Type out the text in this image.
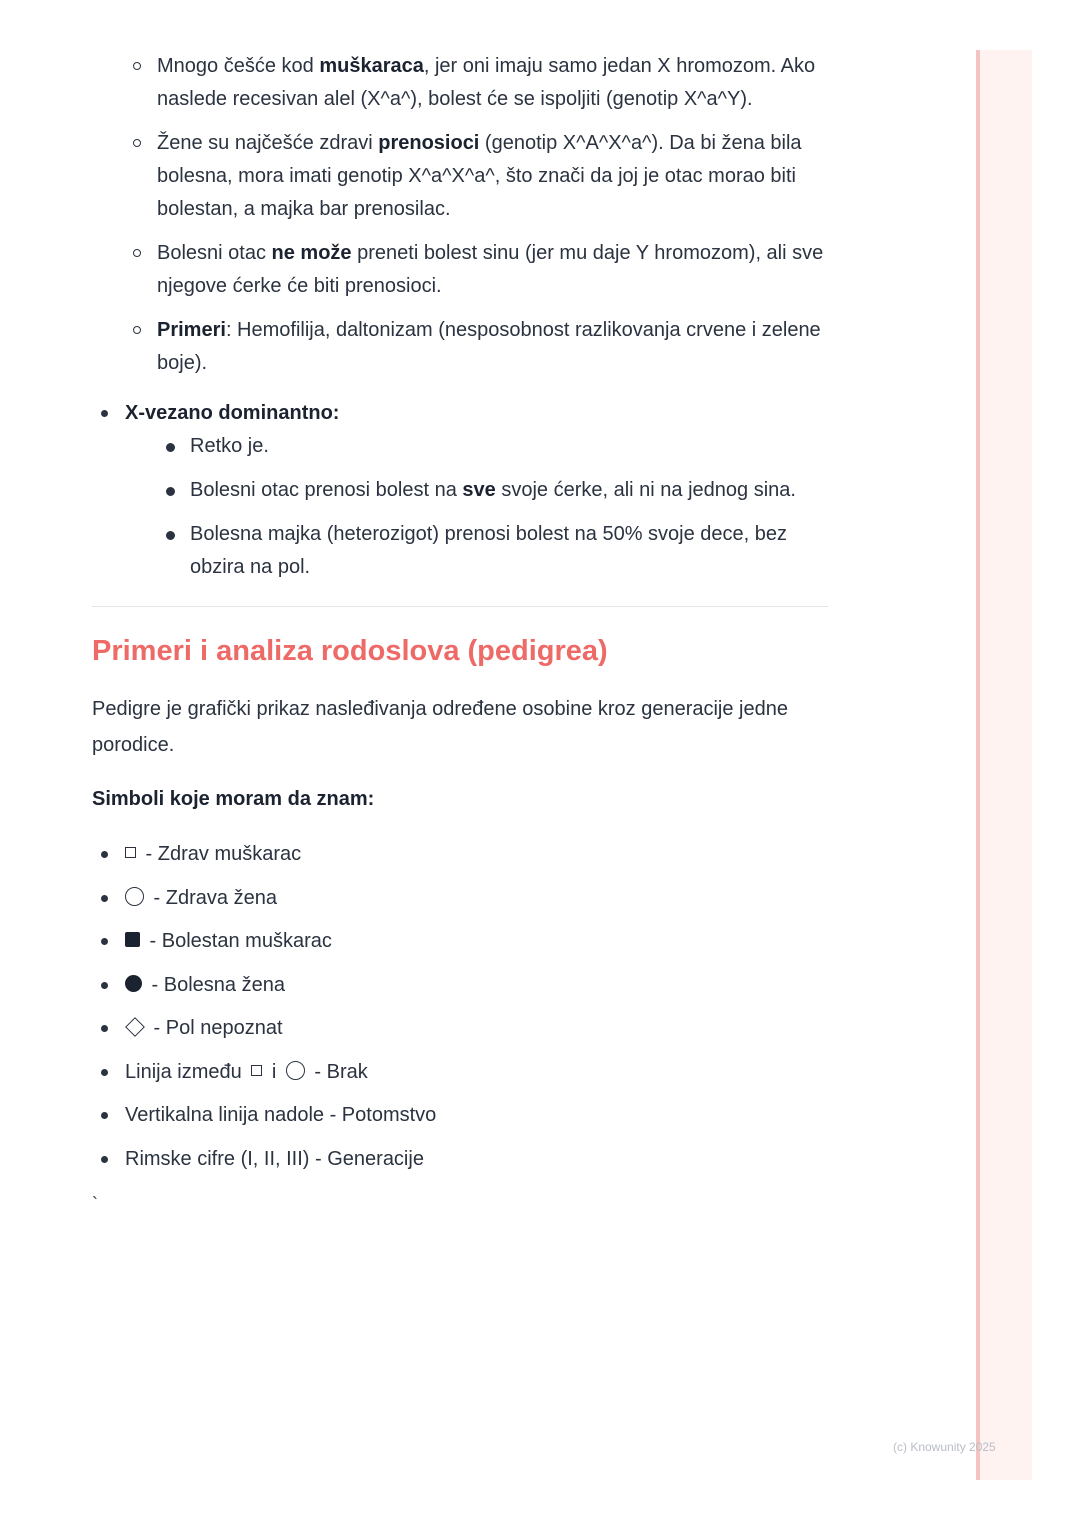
Mnogo češće kod muškaraca, jer oni imaju samo jedan X hromozom. Ako naslede recesivan alel (X^a^), bolest će se ispoljiti (genotip X^a^Y).
Žene su najčešće zdravi prenosioci (genotip X^A^X^a^). Da bi žena bila bolesna, mora imati genotip X^a^X^a^, što znači da joj je otac morao biti bolestan, a majka bar prenosilac.
Bolesni otac ne može preneti bolest sinu (jer mu daje Y hromozom), ali sve njegove ćerke će biti prenosioci.
Primeri: Hemofilija, daltonizam (nesposobnost razlikovanja crvene i zelene boje).
X-vezano dominantno:
Retko je.
Bolesni otac prenosi bolest na sve svoje ćerke, ali ni na jednog sina.
Bolesna majka (heterozigot) prenosi bolest na 50% svoje dece, bez obzira na pol.
Primeri i analiza rodoslova (pedigrea)

Pedigre je grafički prikaz nasleđivanja određene osobine kroz generacije jedne porodice.

Simboli koje moram da znam:

- Zdrav muškarac
- Zdrava žena
- Bolestan muškarac
- Bolesna žena
- Pol nepoznat
Linija između  i  - Brak
Vertikalna linija nadole - Potomstvo
Rimske cifre (I, II, III) - Generacije
`
(c) Knowunity 2025
